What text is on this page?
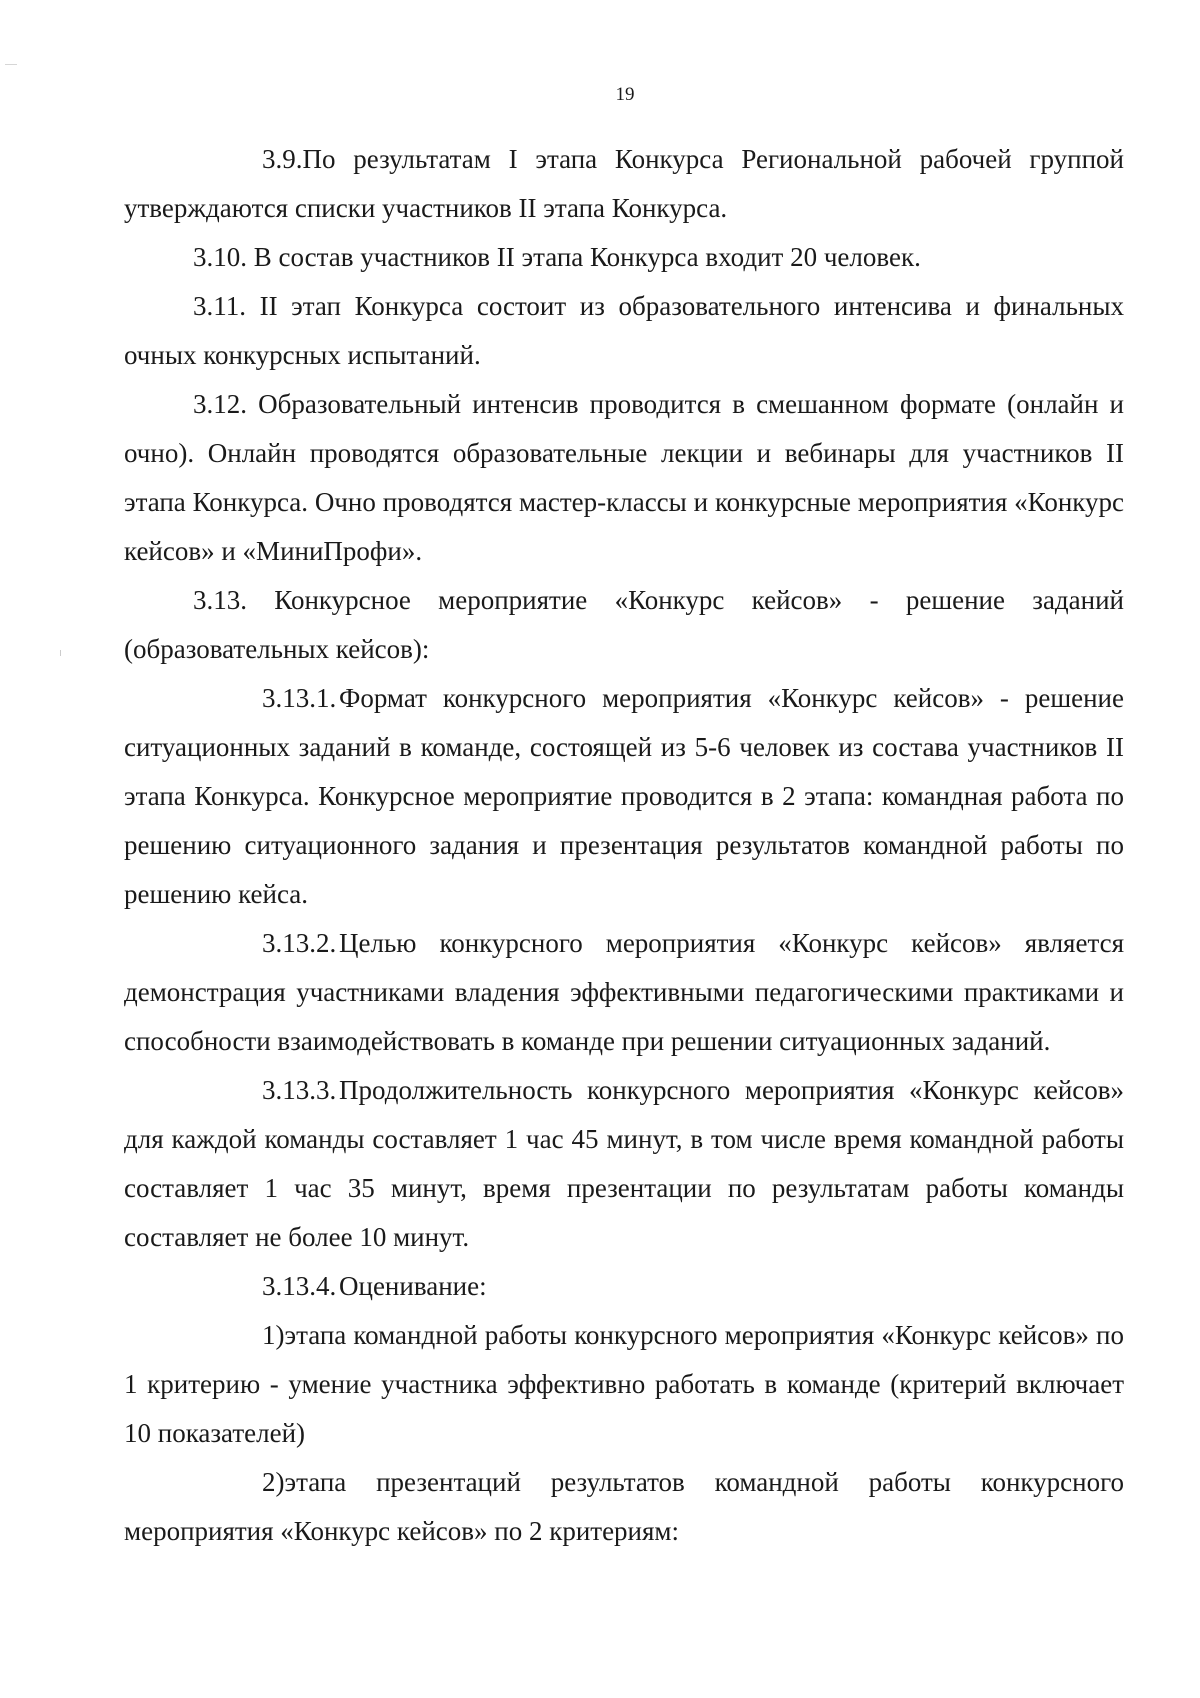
19

3.9.По результатам I этапа Конкурса Региональной рабочей группой утверждаются списки участников II этапа Конкурса.

3.10. В состав участников II этапа Конкурса входит 20 человек.

3.11. II этап Конкурса состоит из образовательного интенсива и финальных очных конкурсных испытаний.

3.12. Образовательный интенсив проводится в смешанном формате (онлайн и очно). Онлайн проводятся образовательные лекции и вебинары для участников II этапа Конкурса. Очно проводятся мастер-классы и конкурсные мероприятия «Конкурс кейсов» и «МиниПрофи».

3.13. Конкурсное мероприятие «Конкурс кейсов» - решение заданий (образовательных кейсов):

3.13.1. Формат конкурсного мероприятия «Конкурс кейсов» - решение ситуационных заданий в команде, состоящей из 5-6 человек из состава участников II этапа Конкурса. Конкурсное мероприятие проводится в 2 этапа: командная работа по решению ситуационного задания и презентация результатов командной работы по решению кейса.

3.13.2. Целью конкурсного мероприятия «Конкурс кейсов» является демонстрация участниками владения эффективными педагогическими практиками и способности взаимодействовать в команде при решении ситуационных заданий.

3.13.3. Продолжительность конкурсного мероприятия «Конкурс кейсов» для каждой команды составляет 1 час 45 минут, в том числе время командной работы составляет 1 час 35 минут, время презентации по результатам работы команды составляет не более 10 минут.

3.13.4. Оценивание:

1)этапа командной работы конкурсного мероприятия «Конкурс кейсов» по 1 критерию - умение участника эффективно работать в команде (критерий включает 10 показателей)

2)этапа презентаций результатов командной работы конкурсного мероприятия «Конкурс кейсов» по 2 критериям:
